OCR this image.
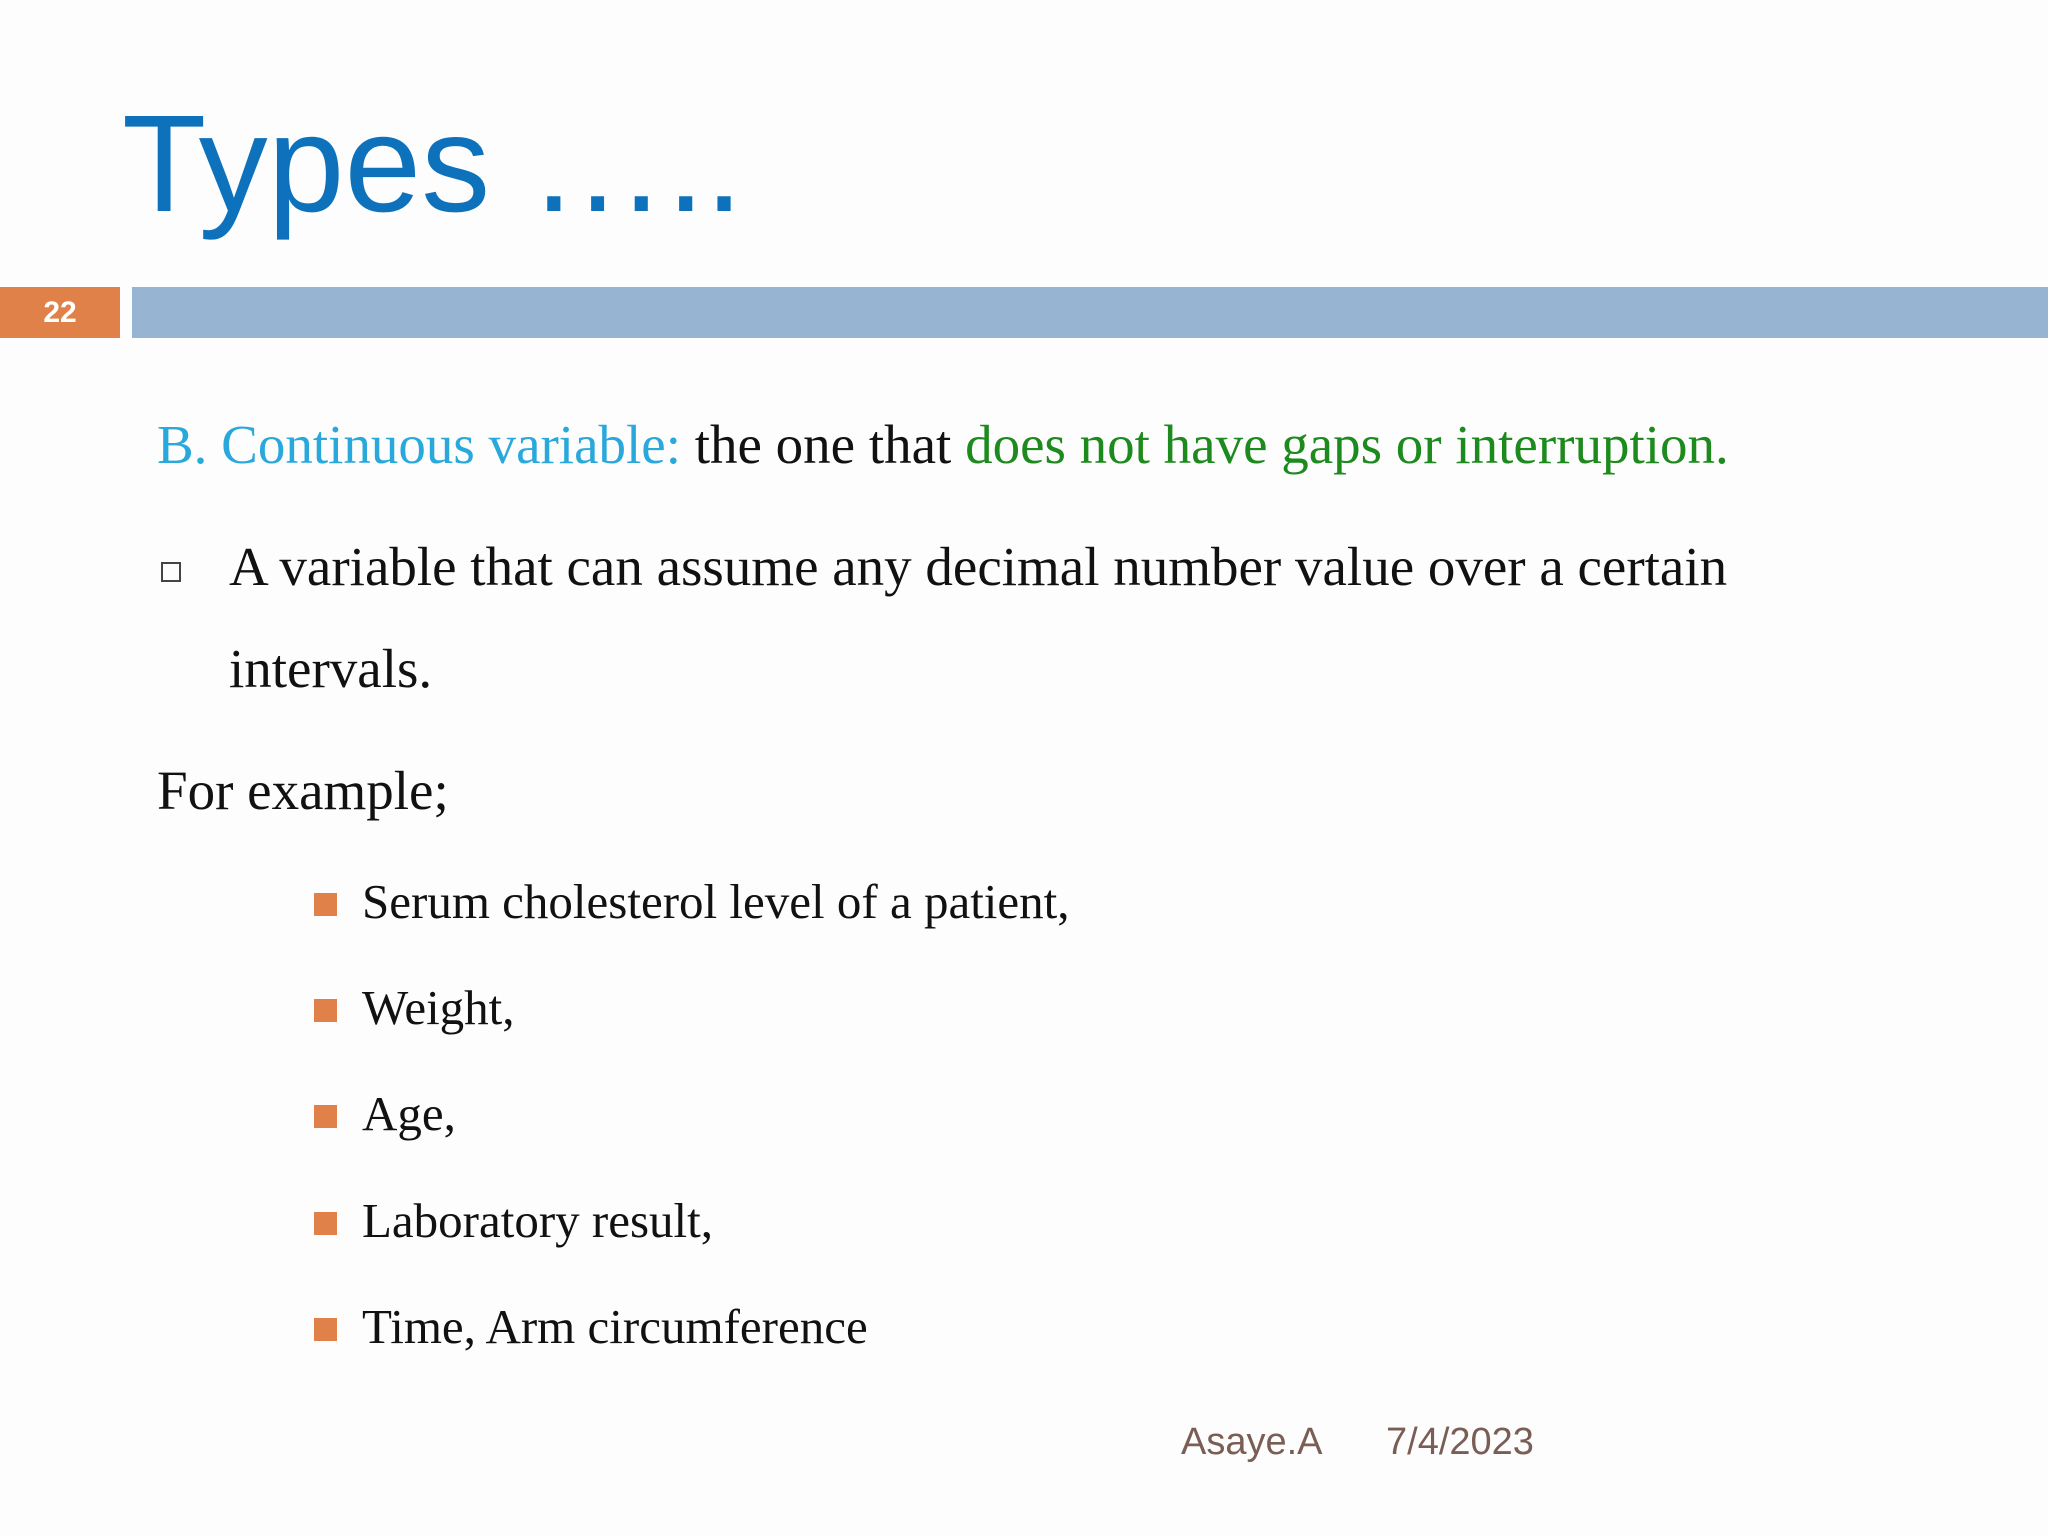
Types …..
22
B. Continuous variable: the one that does not have gaps or interruption.
A variable that can assume any decimal number value over a certain
intervals.
For example;
Serum cholesterol level of a patient,
Weight,
Age,
Laboratory result,
Time, Arm circumference
Asaye.A 7/4/2023
